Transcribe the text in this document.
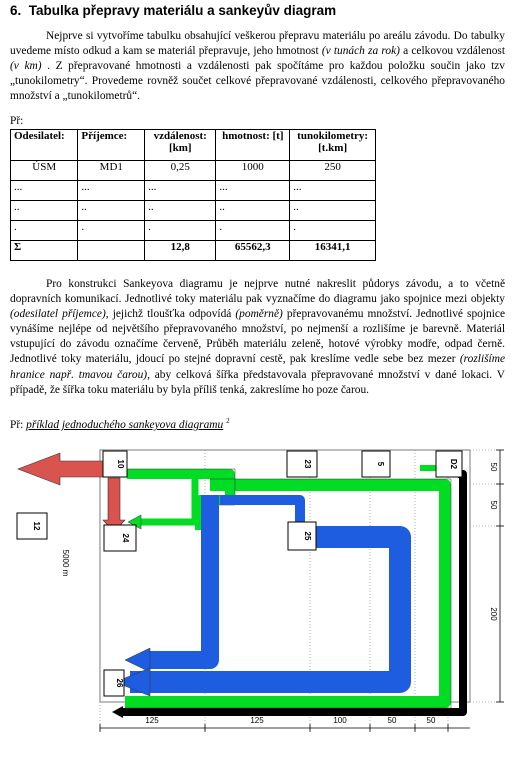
6. Tabulka přepravy materiálu a sankeyův diagram

Nejprve si vytvoříme tabulku obsahující veškerou přepravu materiálu po areálu závodu. Do tabulky uvedeme místo odkud a kam se materiál přepravuje, jeho hmotnost (v tunách za rok) a celkovou vzdálenost (v km) . Z přepravované hmotnosti a vzdálenosti pak spočítáme pro každou položku součin jako tzv „tunokilometry“. Provedeme rovněž součet celkové přepravované vzdálenosti, celkového přepravovaného množství a „tunokilometrů“.

Př:

Odesilatel:	Příjemce:	vzdálenost: [km]	hmotnost: [t]	tunokilometry: [t.km]
ÚSM	MD1	0,25	1000	250
...	...	...	...	...
..	..	..	..	..
.	.	.	.	.
Σ		12,8	65562,3	16341,1

Pro konstrukci Sankeyova diagramu je nejprve nutné nakreslit půdorys závodu, a to včetně dopravních komunikací. Jednotlivé toky materiálu pak vyznačíme do diagramu jako spojnice mezi objekty (odesilatel příjemce), jejichž tloušťka odpovídá (poměrně) přepravovanému množství. Jednotlivé spojnice vynášíme nejlépe od největšího přepravovaného množství, po nejmenší a rozlišíme je barevně. Materiál vstupující do závodu označíme červeně, Průběh materiálu zeleně, hotové výrobky modře, odpad černě. Jednotlivé toky materiálu, jdoucí po stejné dopravní cestě, pak kreslíme vedle sebe bez mezer (rozlišíme hranice např. tmavou čarou), aby celková šířka představovala přepravované množství v dané lokaci. V případě, že šířka toku materiálu by byla příliš tenká, zakreslíme ho poze čarou.

Př: příklad jednoduchého sankeyova diagramu $^2$

10	23	5	D2
12
24	25
26
5000 m
50
50
200
125	125	100	50	50
